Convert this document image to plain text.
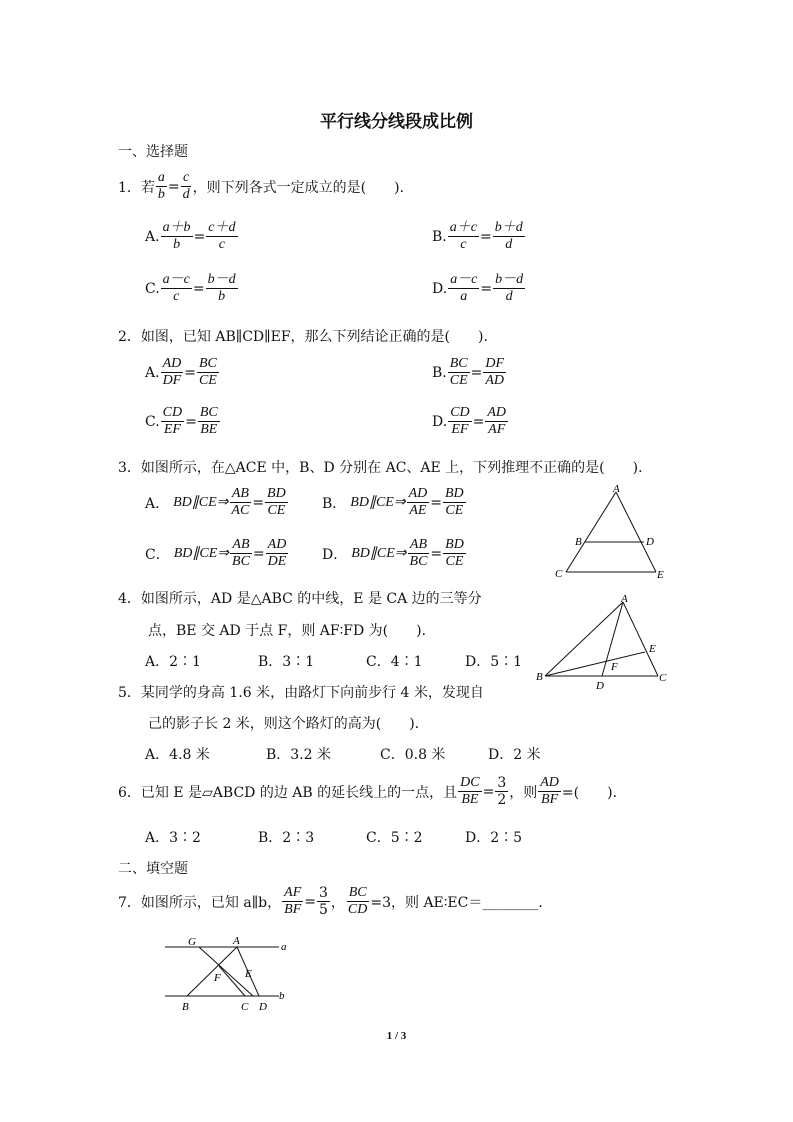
平行线分线段成比例
一、选择题
1．若 $\frac{a}{b} = \frac{c}{d}$ ，则下列各式一定成立的是(　　)．
A. $\frac{a+b}{b} = \frac{c+d}{c}$	B. $\frac{a+c}{c} = \frac{b+d}{d}$
C. $\frac{a-c}{c} = \frac{b-d}{b}$	D. $\frac{a-c}{a} = \frac{b-d}{d}$
2．如图，已知 AB∥CD∥EF，那么下列结论正确的是(　　)．
A. $\frac{AD}{DF} = \frac{BC}{CE}$	B. $\frac{BC}{CE} = \frac{DF}{AD}$
C. $\frac{CD}{EF} = \frac{BC}{BE}$	D. $\frac{CD}{EF} = \frac{AD}{AF}$
3．如图所示，在△ACE 中，B、D 分别在 AC、AE 上，下列推理不正确的是(　　)．
A． BD∥CE⇒ $\frac{AB}{AC} = \frac{BD}{CE}$ B． BD∥CE⇒ $\frac{AD}{AE} = \frac{BD}{CE}$
C． BD∥CE⇒ $\frac{AB}{BC} = \frac{AD}{DE}$ D． BD∥CE⇒ $\frac{AB}{BC} = \frac{BD}{CE}$
A
B	D
C	E
4．如图所示，AD 是△ABC 的中线，E 是 CA 边的三等分
点，BE 交 AD 于点 F，则 AF∶FD 为(　　)．
A．2∶1	B．3∶1	C．4∶1	D．5∶1
A
B	C
D
E
F
5．某同学的身高 1.6 米，由路灯下向前步行 4 米，发现自
己的影子长 2 米，则这个路灯的高为(　　)．
A．4.8 米	B．3.2 米	C．0.8 米	D．2 米
6．已知 E 是▱ABCD 的边 AB 的延长线上的一点，且 $\frac{DC}{BE} = \frac{3}{2}$ ，则 $\frac{AD}{BF}$ =(　　)．
A．3∶2	B．2∶3	C．5∶2	D．2∶5
二、填空题
7．如图所示，已知 a∥b， $\frac{AF}{BF} = \frac{3}{5}$ ， $\frac{BC}{CD} =3$，则 AE∶EC＝________．
G	A	a
F E
B	C D
b
1 / 3
